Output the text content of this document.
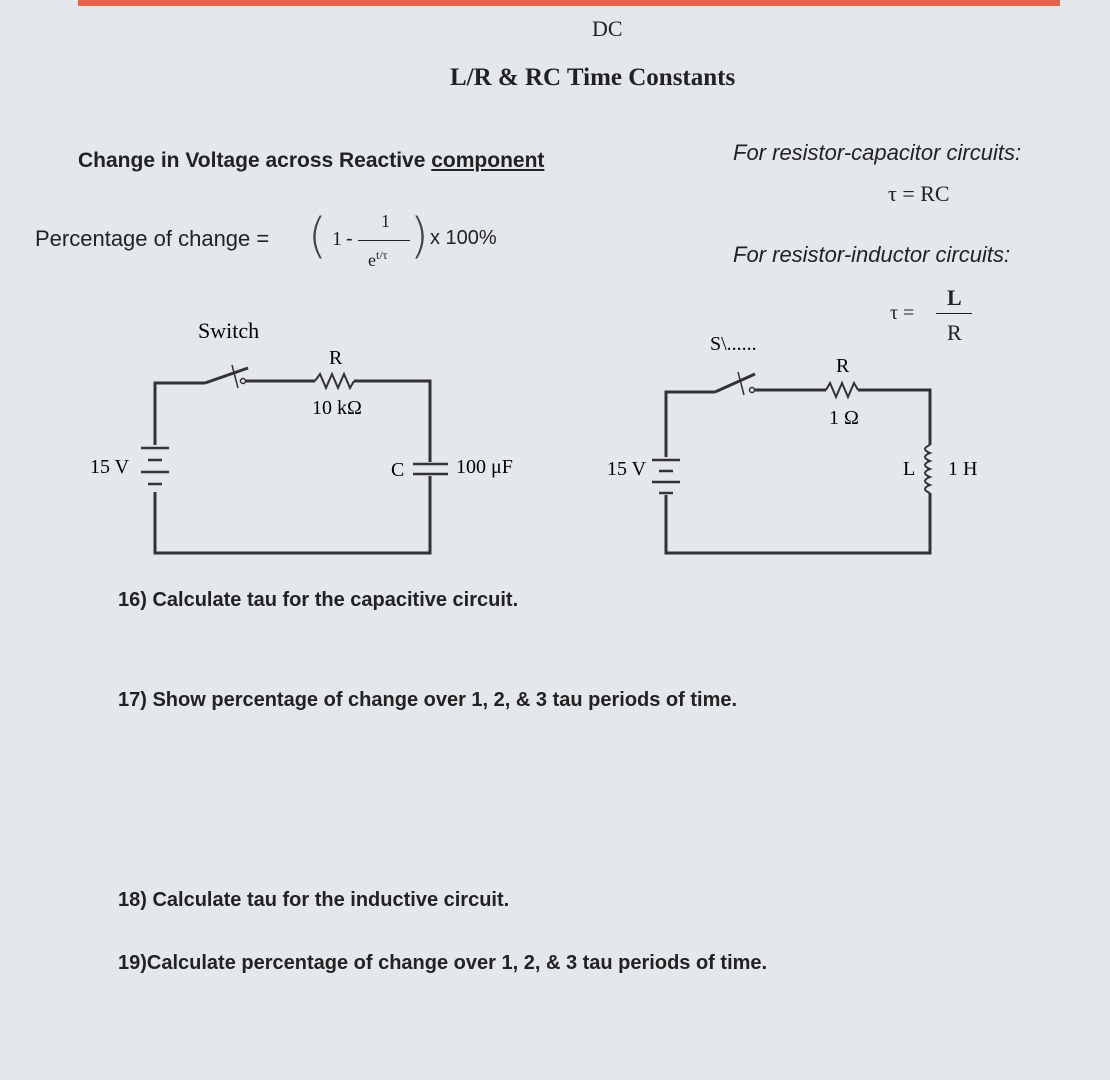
DC
L/R & RC Time Constants
Change in Voltage across Reactive component
Percentage of change = ( 1 -
1
$e^{t/\tau}$ ) x 100%
For resistor-capacitor circuits:
τ = RC
For resistor-inductor circuits:
τ =
L
R
Switch
R
10 kΩ
15 V	C	100 μF
S\......
R
1 Ω
15 V	L 1 H
16) Calculate tau for the capacitive circuit.
17) Show percentage of change over 1, 2, & 3 tau periods of time.
18) Calculate tau for the inductive circuit.
19)Calculate percentage of change over 1, 2, & 3 tau periods of time.
